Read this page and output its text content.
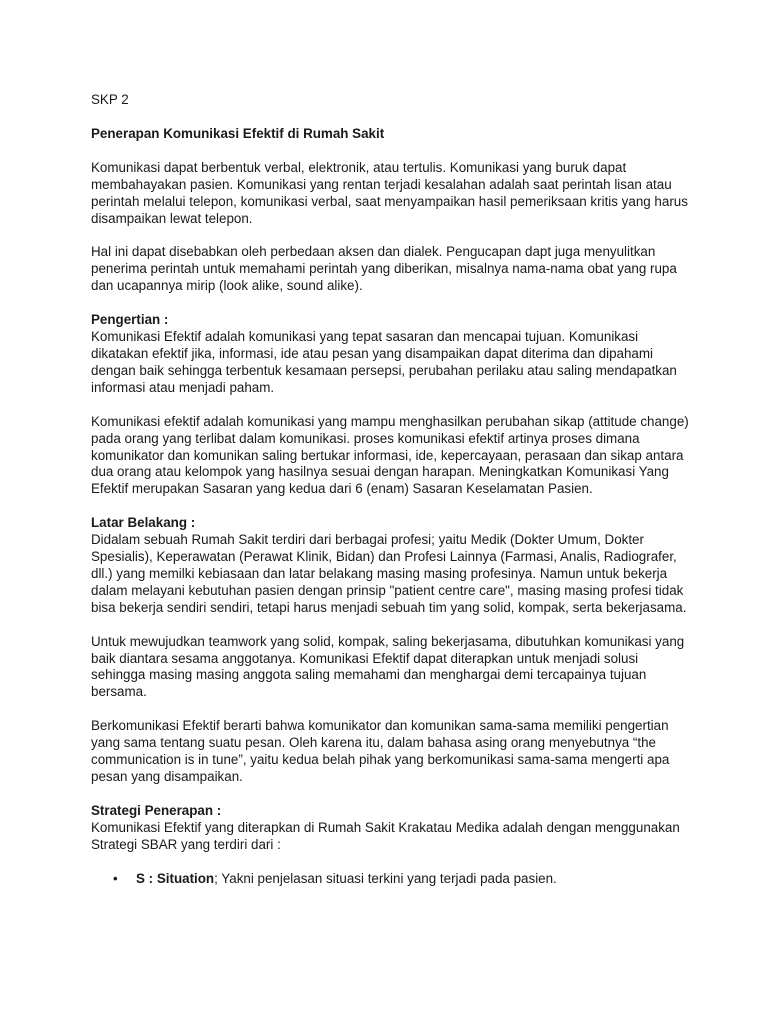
SKP 2
Penerapan Komunikasi Efektif di Rumah Sakit

Komunikasi dapat berbentuk verbal, elektronik, atau tertulis. Komunikasi yang buruk dapat membahayakan pasien. Komunikasi yang rentan terjadi kesalahan adalah saat perintah lisan atau perintah melalui telepon, komunikasi verbal, saat menyampaikan hasil pemeriksaan kritis yang harus disampaikan lewat telepon.

Hal ini dapat disebabkan oleh perbedaan aksen dan dialek. Pengucapan dapt juga menyulitkan penerima perintah untuk memahami perintah yang diberikan, misalnya nama-nama obat yang rupa dan ucapannya mirip (look alike, sound alike).

Pengertian :
Komunikasi Efektif adalah komunikasi yang tepat sasaran dan mencapai tujuan. Komunikasi dikatakan efektif jika, informasi, ide atau pesan yang disampaikan dapat diterima dan dipahami dengan baik sehingga terbentuk kesamaan persepsi, perubahan perilaku atau saling mendapatkan informasi atau menjadi paham.

Komunikasi efektif adalah komunikasi yang mampu menghasilkan perubahan sikap (attitude change) pada orang yang terlibat dalam komunikasi. proses komunikasi efektif artinya proses dimana komunikator dan komunikan saling bertukar informasi, ide, kepercayaan, perasaan dan sikap antara dua orang atau kelompok yang hasilnya sesuai dengan harapan. Meningkatkan Komunikasi Yang Efektif merupakan Sasaran yang kedua dari 6 (enam) Sasaran Keselamatan Pasien.

Latar Belakang :
Didalam sebuah Rumah Sakit terdiri dari berbagai profesi; yaitu Medik (Dokter Umum, Dokter Spesialis), Keperawatan (Perawat Klinik, Bidan) dan Profesi Lainnya (Farmasi, Analis, Radiografer, dll.) yang memilki kebiasaan dan latar belakang masing masing profesinya. Namun untuk bekerja dalam melayani kebutuhan pasien dengan prinsip "patient centre care", masing masing profesi tidak bisa bekerja sendiri sendiri, tetapi harus menjadi sebuah tim yang solid, kompak, serta bekerjasama.

Untuk mewujudkan teamwork yang solid, kompak, saling bekerjasama, dibutuhkan komunikasi yang baik diantara sesama anggotanya. Komunikasi Efektif dapat diterapkan untuk menjadi solusi sehingga masing masing anggota saling memahami dan menghargai demi tercapainya tujuan bersama.

Berkomunikasi Efektif berarti bahwa komunikator dan komunikan sama-sama memiliki pengertian yang sama tentang suatu pesan. Oleh karena itu, dalam bahasa asing orang menyebutnya “the communication is in tune”, yaitu kedua belah pihak yang berkomunikasi sama-sama mengerti apa pesan yang disampaikan.

Strategi Penerapan :
Komunikasi Efektif yang diterapkan di Rumah Sakit Krakatau Medika adalah dengan menggunakan Strategi SBAR yang terdiri dari :

• S : Situation; Yakni penjelasan situasi terkini yang terjadi pada pasien.
